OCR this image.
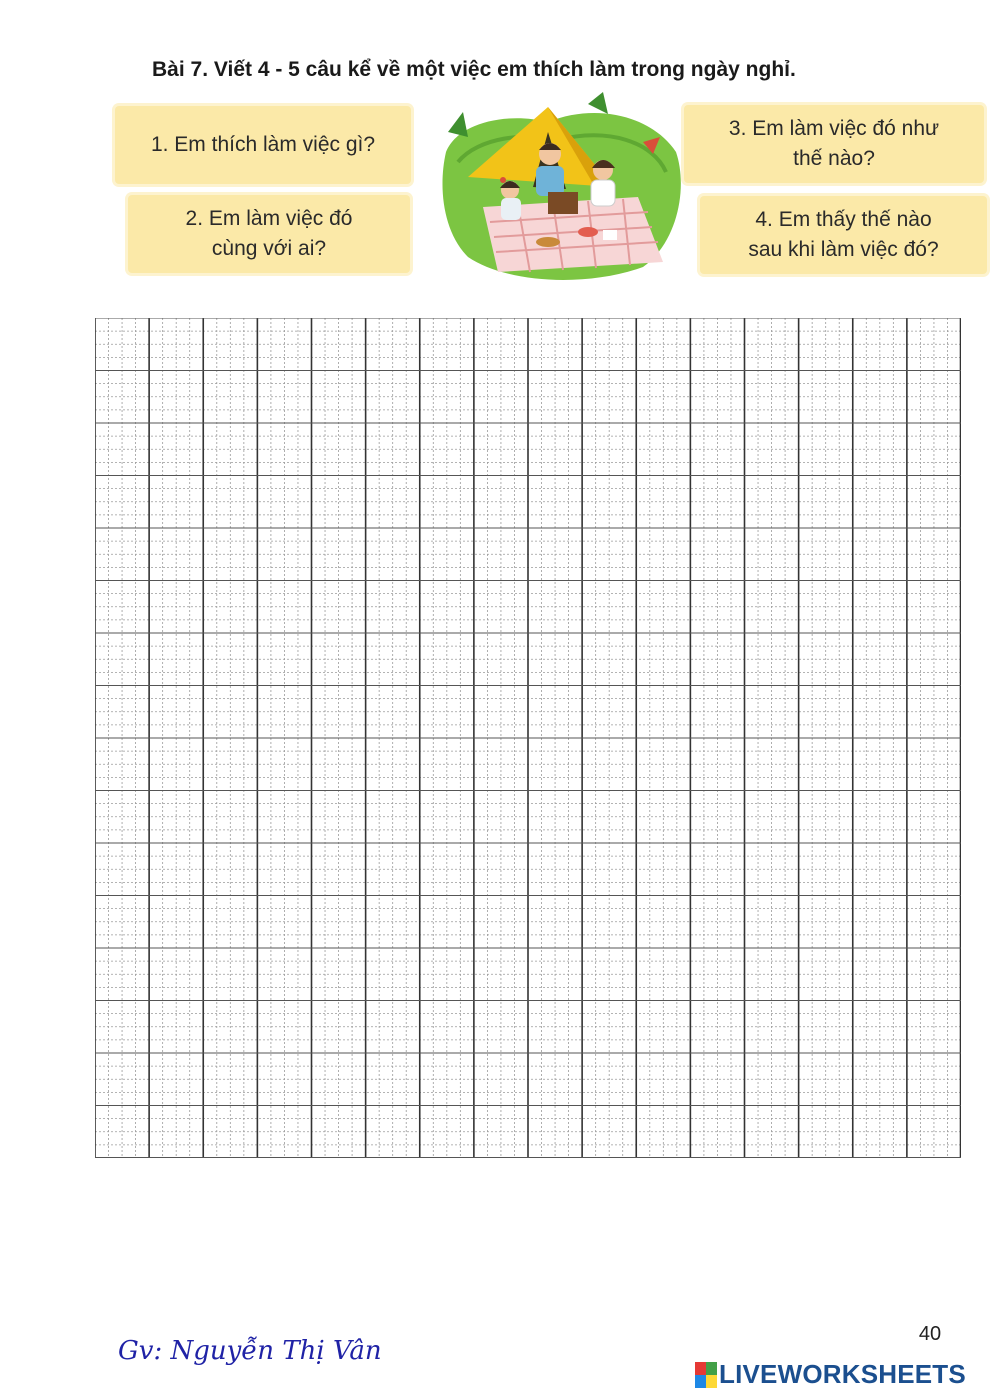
Bài 7. Viết 4 - 5 câu kể về một việc em thích làm trong ngày nghỉ.
1. Em thích làm việc gì?
2. Em làm việc đó
cùng với ai?
3. Em làm việc đó như
thế nào?
4. Em thấy thế nào
sau khi làm việc đó?
40
Gv: Nguyễn Thị Vân
LIVEWORKSHEETS
